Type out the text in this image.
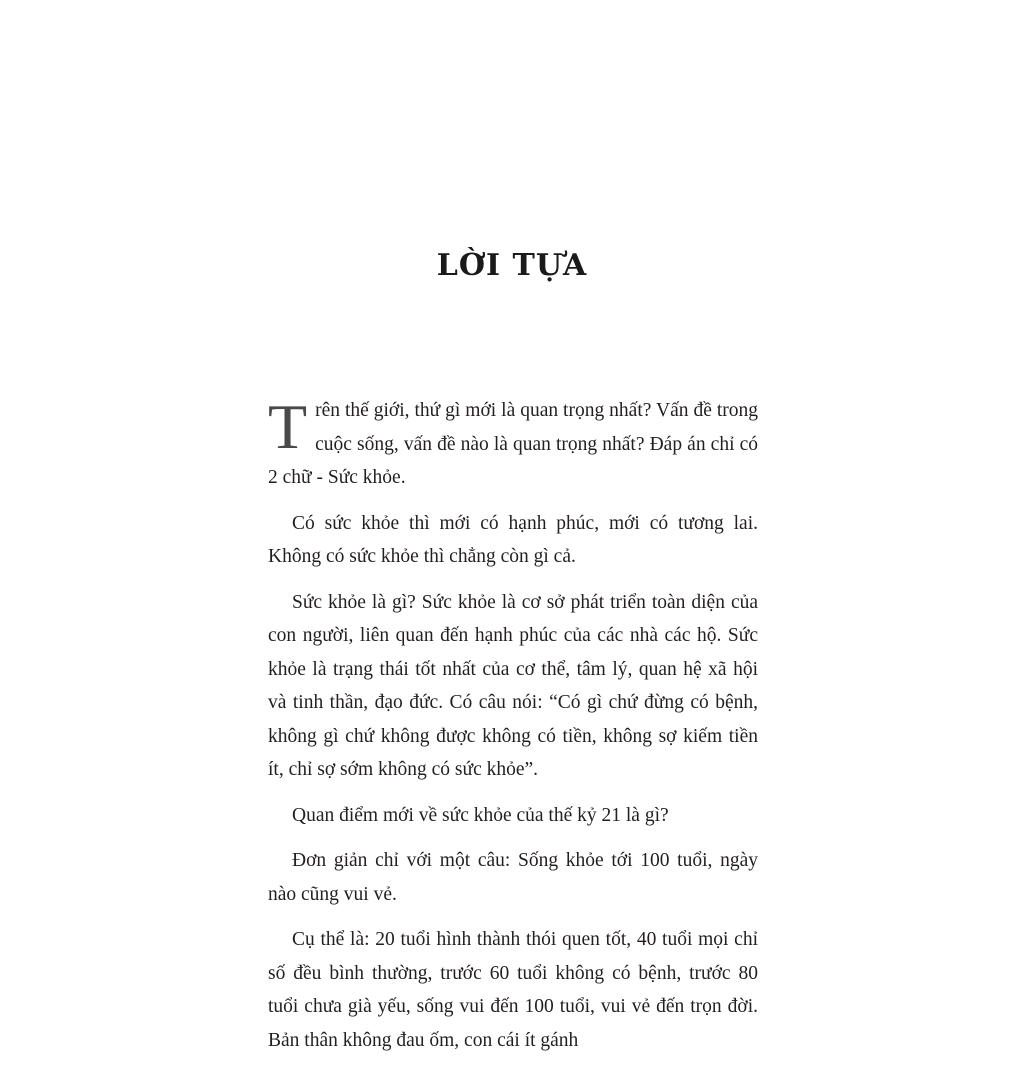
LỜI TỰA

Trên thế giới, thứ gì mới là quan trọng nhất? Vấn đề trong cuộc sống, vấn đề nào là quan trọng nhất? Đáp án chỉ có 2 chữ - Sức khỏe.

Có sức khỏe thì mới có hạnh phúc, mới có tương lai. Không có sức khỏe thì chẳng còn gì cả.

Sức khỏe là gì? Sức khỏe là cơ sở phát triển toàn diện của con người, liên quan đến hạnh phúc của các nhà các hộ. Sức khỏe là trạng thái tốt nhất của cơ thể, tâm lý, quan hệ xã hội và tinh thần, đạo đức. Có câu nói: “Có gì chứ đừng có bệnh, không gì chứ không được không có tiền, không sợ kiếm tiền ít, chỉ sợ sớm không có sức khỏe”.

Quan điểm mới về sức khỏe của thế kỷ 21 là gì?

Đơn giản chỉ với một câu: Sống khỏe tới 100 tuổi, ngày nào cũng vui vẻ.

Cụ thể là: 20 tuổi hình thành thói quen tốt, 40 tuổi mọi chỉ số đều bình thường, trước 60 tuổi không có bệnh, trước 80 tuổi chưa già yếu, sống vui đến 100 tuổi, vui vẻ đến trọn đời. Bản thân không đau ốm, con cái ít gánh
